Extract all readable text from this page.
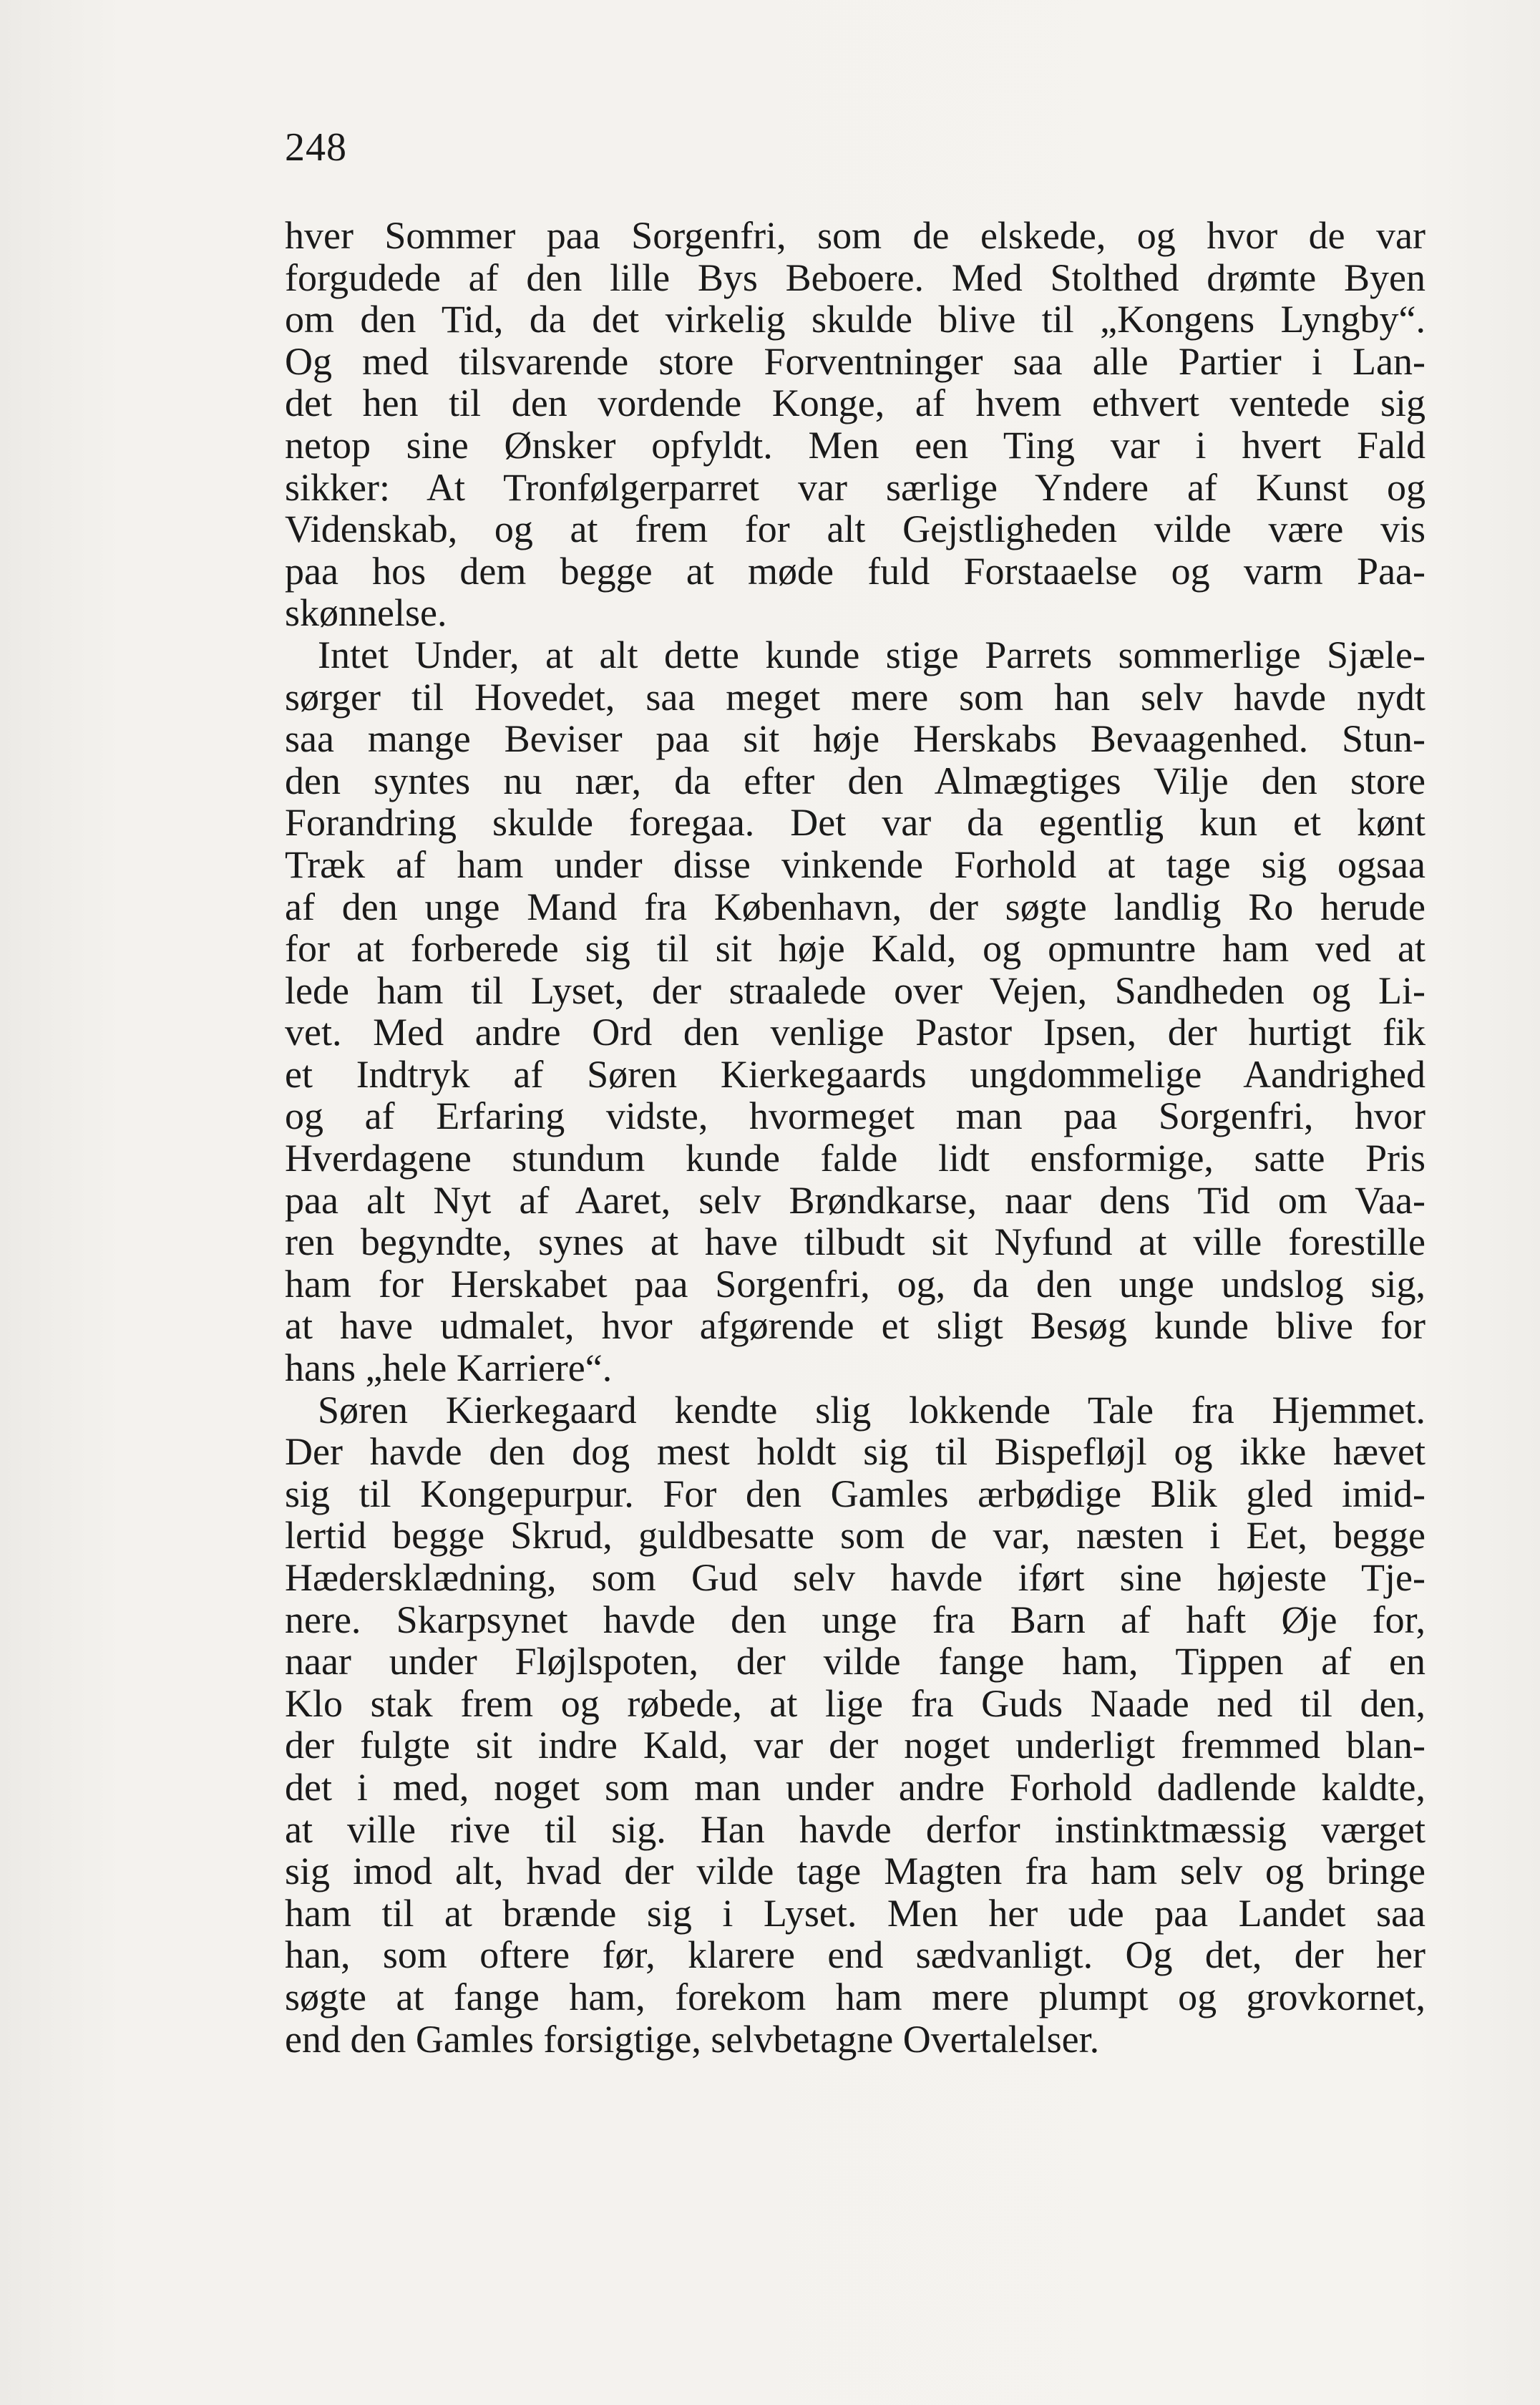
248
hver Sommer paa Sorgenfri, som de elskede, og hvor de var
forgudede af den lille Bys Beboere. Med Stolthed drømte Byen
om den Tid, da det virkelig skulde blive til „Kongens Lyngby“.
Og med tilsvarende store Forventninger saa alle Partier i Lan-
det hen til den vordende Konge, af hvem ethvert ventede sig
netop sine Ønsker opfyldt. Men een Ting var i hvert Fald
sikker: At Tronfølgerparret var særlige Yndere af Kunst og
Videnskab, og at frem for alt Gejstligheden vilde være vis
paa hos dem begge at møde fuld Forstaaelse og varm Paa-
skønnelse.
Intet Under, at alt dette kunde stige Parrets sommerlige Sjæle-
sørger til Hovedet, saa meget mere som han selv havde nydt
saa mange Beviser paa sit høje Herskabs Bevaagenhed. Stun-
den syntes nu nær, da efter den Almægtiges Vilje den store
Forandring skulde foregaa. Det var da egentlig kun et kønt
Træk af ham under disse vinkende Forhold at tage sig ogsaa
af den unge Mand fra København, der søgte landlig Ro herude
for at forberede sig til sit høje Kald, og opmuntre ham ved at
lede ham til Lyset, der straalede over Vejen, Sandheden og Li-
vet. Med andre Ord den venlige Pastor Ipsen, der hurtigt fik
et Indtryk af Søren Kierkegaards ungdommelige Aandrighed
og af Erfaring vidste, hvormeget man paa Sorgenfri, hvor
Hverdagene stundum kunde falde lidt ensformige, satte Pris
paa alt Nyt af Aaret, selv Brøndkarse, naar dens Tid om Vaa-
ren begyndte, synes at have tilbudt sit Nyfund at ville forestille
ham for Herskabet paa Sorgenfri, og, da den unge undslog sig,
at have udmalet, hvor afgørende et sligt Besøg kunde blive for
hans „hele Karriere“.
Søren Kierkegaard kendte slig lokkende Tale fra Hjemmet.
Der havde den dog mest holdt sig til Bispefløjl og ikke hævet
sig til Kongepurpur. For den Gamles ærbødige Blik gled imid-
lertid begge Skrud, guldbesatte som de var, næsten i Eet, begge
Hædersklædning, som Gud selv havde iført sine højeste Tje-
nere. Skarpsynet havde den unge fra Barn af haft Øje for,
naar under Fløjlspoten, der vilde fange ham, Tippen af en
Klo stak frem og røbede, at lige fra Guds Naade ned til den,
der fulgte sit indre Kald, var der noget underligt fremmed blan-
det i med, noget som man under andre Forhold dadlende kaldte,
at ville rive til sig. Han havde derfor instinktmæssig værget
sig imod alt, hvad der vilde tage Magten fra ham selv og bringe
ham til at brænde sig i Lyset. Men her ude paa Landet saa
han, som oftere før, klarere end sædvanligt. Og det, der her
søgte at fange ham, forekom ham mere plumpt og grovkornet,
end den Gamles forsigtige, selvbetagne Overtalelser.
